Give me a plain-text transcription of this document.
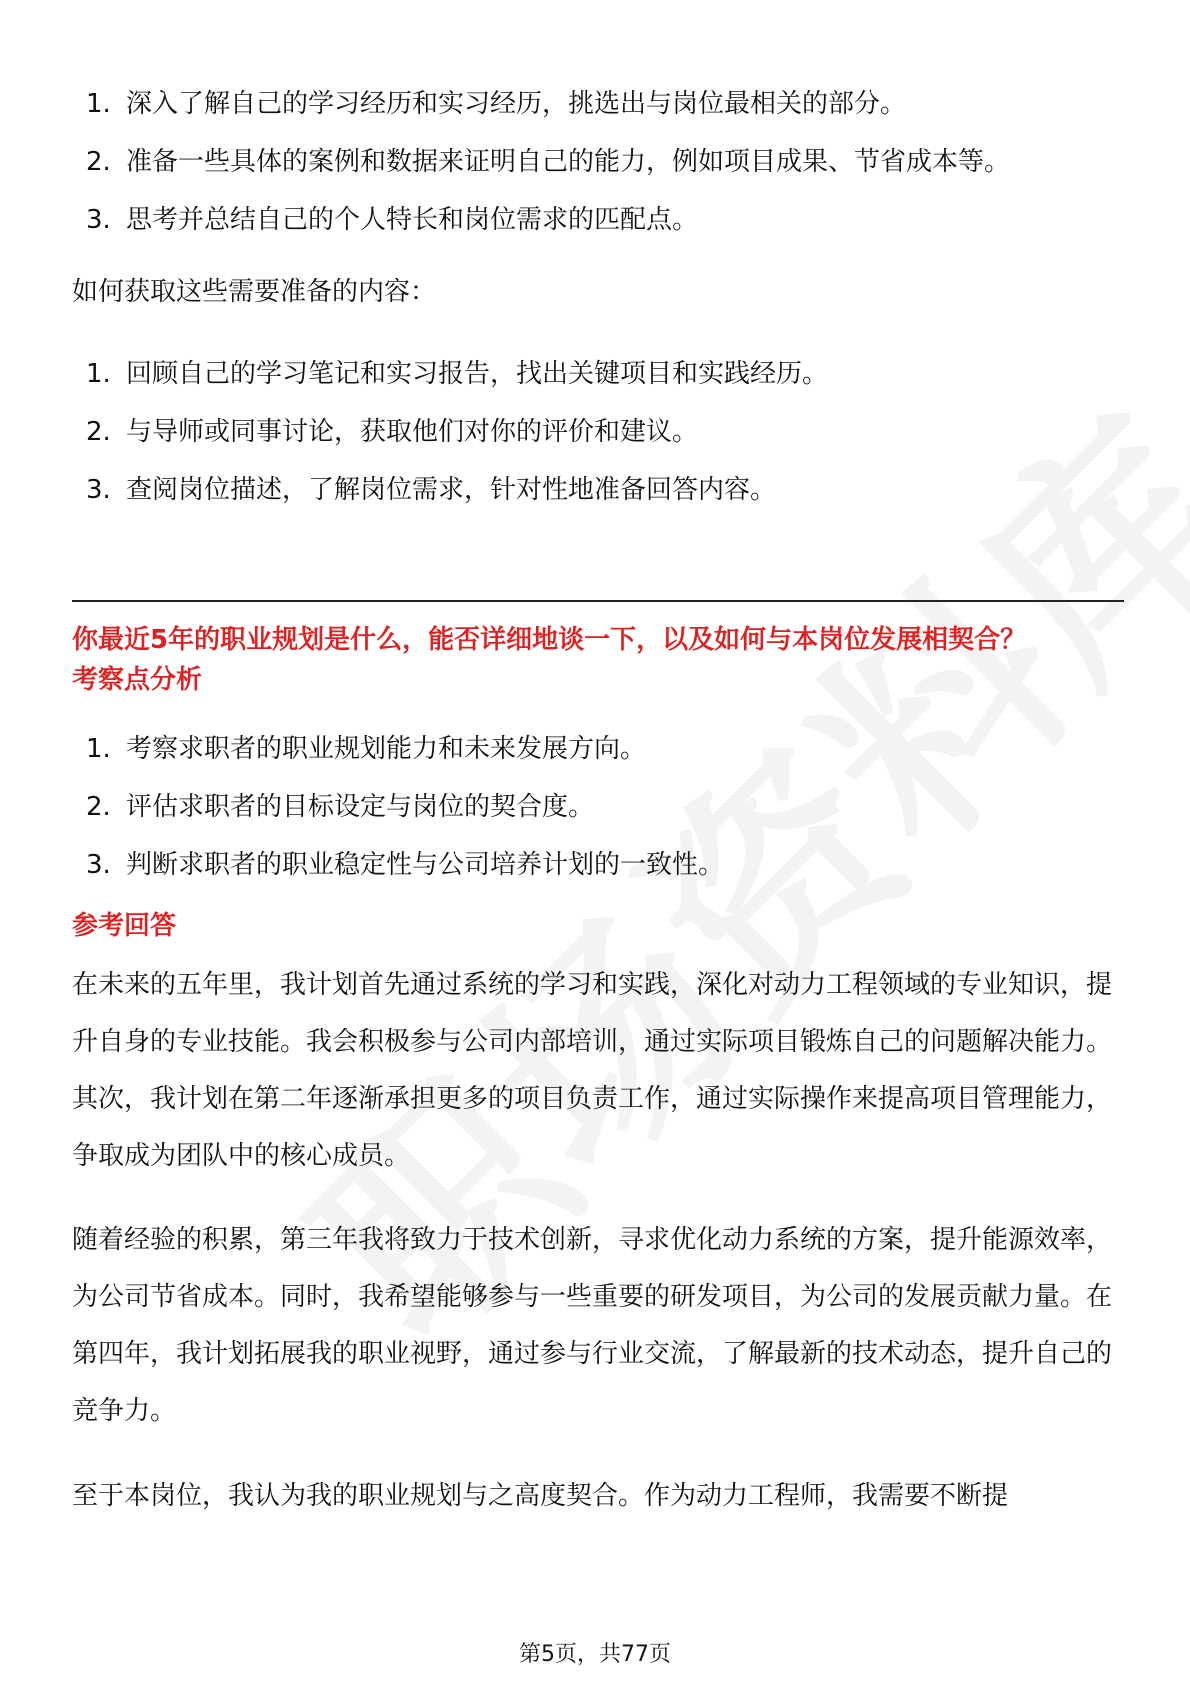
1. 深入了解自己的学习经历和实习经历，挑选出与岗位最相关的部分。
2. 准备一些具体的案例和数据来证明自己的能力，例如项目成果、节省成本等。
3. 思考并总结自己的个人特长和岗位需求的匹配点。

如何获取这些需要准备的内容：

1. 回顾自己的学习笔记和实习报告，找出关键项目和实践经历。
2. 与导师或同事讨论，获取他们对你的评价和建议。
3. 查阅岗位描述，了解岗位需求，针对性地准备回答内容。

你最近5年的职业规划是什么，能否详细地谈一下，以及如何与本岗位发展相契合？

考察点分析

1. 考察求职者的职业规划能力和未来发展方向。
2. 评估求职者的目标设定与岗位的契合度。
3. 判断求职者的职业稳定性与公司培养计划的一致性。

参考回答

在未来的五年里，我计划首先通过系统的学习和实践，深化对动力工程领域的专业知识，提升自身的专业技能。我会积极参与公司内部培训，通过实际项目锻炼自己的问题解决能力。其次，我计划在第二年逐渐承担更多的项目负责工作，通过实际操作来提高项目管理能力，争取成为团队中的核心成员。

随着经验的积累，第三年我将致力于技术创新，寻求优化动力系统的方案，提升能源效率，为公司节省成本。同时，我希望能够参与一些重要的研发项目，为公司的发展贡献力量。在第四年，我计划拓展我的职业视野，通过参与行业交流，了解最新的技术动态，提升自己的竞争力。

至于本岗位，我认为我的职业规划与之高度契合。作为动力工程师，我需要不断提

第5页，共77页
